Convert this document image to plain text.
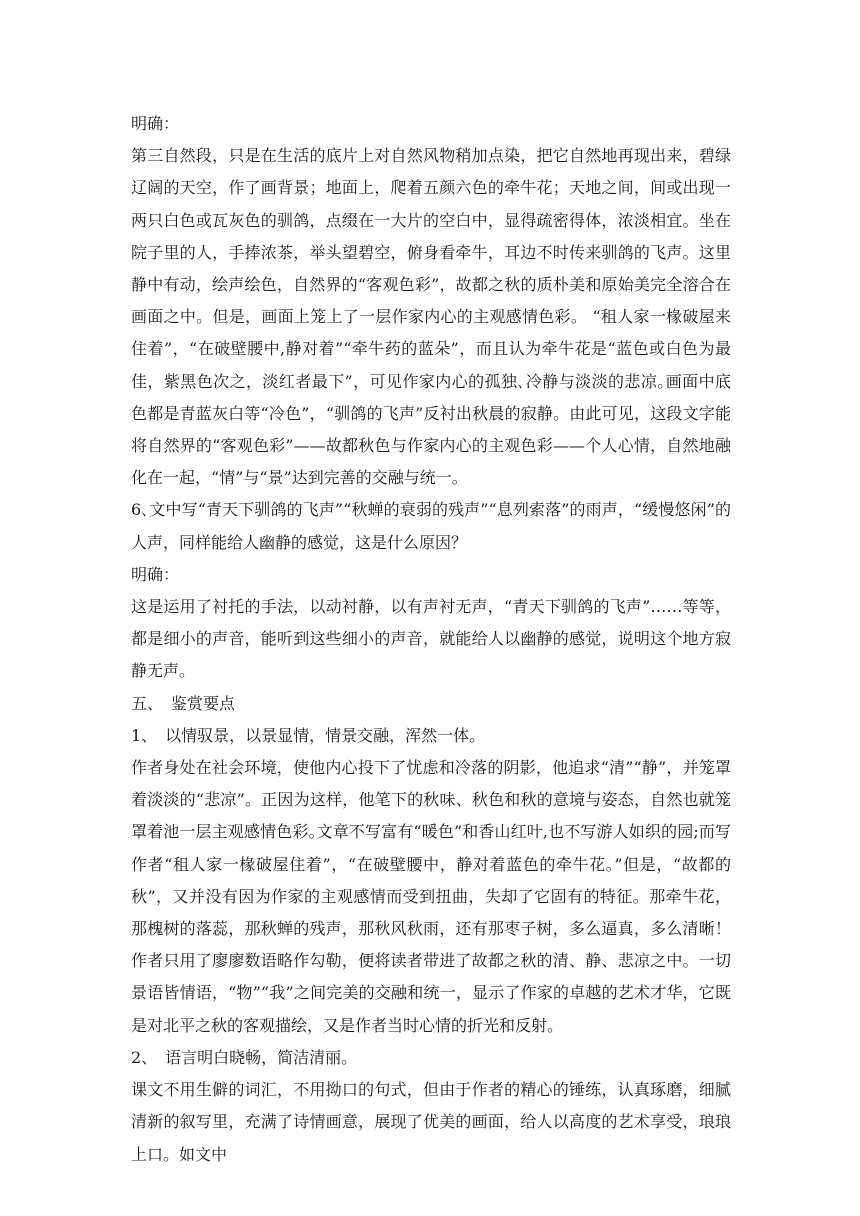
明确：

第三自然段，只是在生活的底片上对自然风物稍加点染，把它自然地再现出来，碧绿辽阔的天空，作了画背景；地面上，爬着五颜六色的牵牛花；天地之间，间或出现一两只白色或瓦灰色的驯鸽，点缀在一大片的空白中，显得疏密得体，浓淡相宜。坐在院子里的人，手捧浓茶，举头望碧空，俯身看牵牛，耳边不时传来驯鸽的飞声。这里静中有动，绘声绘色，自然界的“客观色彩”，故都之秋的质朴美和原始美完全溶合在画面之中。但是，画面上笼上了一层作家内心的主观感情色彩。 “租人家一椽破屋来住着”，“在破壁腰中,静对着”“牵牛药的蓝朵”，而且认为牵牛花是“蓝色或白色为最佳，紫黑色次之，淡红者最下”，可见作家内心的孤独､冷静与淡淡的悲凉｡画面中底色都是青蓝灰白等“冷色”，“驯鸽的飞声”反衬出秋晨的寂静。由此可见，这段文字能将自然界的“客观色彩”——故都秋色与作家内心的主观色彩——个人心情，自然地融化在一起，“情”与“景”达到完善的交融与统一。

6､文中写“青天下驯鸽的飞声”“秋蝉的衰弱的残声”“息列索落”的雨声，“缓慢悠闲”的人声，同样能给人幽静的感觉，这是什么原因？

明确：

这是运用了衬托的手法，以动衬静，以有声衬无声，“青天下驯鸽的飞声”……等等，都是细小的声音，能听到这些细小的声音，就能给人以幽静的感觉，说明这个地方寂静无声。

五、　鉴赏要点

1、　以情驭景，以景显情，情景交融，浑然一体。

作者身处在社会环境，使他内心投下了忧虑和冷落的阴影，他追求“清”“静”，并笼罩着淡淡的“悲凉”。正因为这样，他笔下的秋味、秋色和秋的意境与姿态，自然也就笼罩着池一层主观感情色彩｡文章不写富有“暖色”和香山红叶,也不写游人如织的园;而写作者“租人家一椽破屋住着”，“在破壁腰中，静对着蓝色的牵牛花。”但是，“故都的秋”，又并没有因为作家的主观感情而受到扭曲，失却了它固有的特征。那牵牛花，那槐树的落蕊，那秋蝉的残声，那秋风秋雨，还有那枣子树，多么逼真，多么清晰！作者只用了廖廖数语略作勾勒，便将读者带进了故都之秋的清、静、悲凉之中。一切景语皆情语，“物”“我”之间完美的交融和统一，显示了作家的卓越的艺术才华，它既是对北平之秋的客观描绘，又是作者当时心情的折光和反射。

2、　语言明白晓畅，简洁清丽。

课文不用生僻的词汇，不用拗口的句式，但由于作者的精心的锤练，认真琢磨，细腻清新的叙写里，充满了诗情画意，展现了优美的画面，给人以高度的艺术享受，琅琅上口。如文中
